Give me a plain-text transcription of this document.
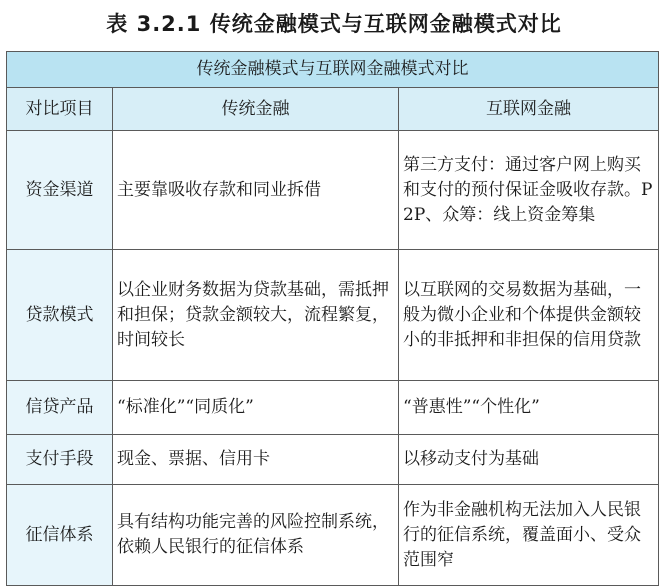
表 3.2.1 传统金融模式与互联网金融模式对比
传统金融模式与互联网金融模式对比		
对比项目	传统金融	互联网金融
资金渠道	主要靠吸收存款和同业拆借	第三方支付：通过客户网上购买和支付的预付保证金吸收存款。P2P、众筹：线上资金筹集
贷款模式	以企业财务数据为贷款基础，需抵押和担保；贷款金额较大，流程繁复，时间较长	以互联网的交易数据为基础，一般为微小企业和个体提供金额较小的非抵押和非担保的信用贷款
信贷产品	“标准化”“同质化”	“普惠性”“个性化”
支付手段	现金、票据、信用卡	以移动支付为基础
征信体系	具有结构功能完善的风险控制系统，依赖人民银行的征信体系	作为非金融机构无法加入人民银行的征信系统，覆盖面小、受众范围窄
